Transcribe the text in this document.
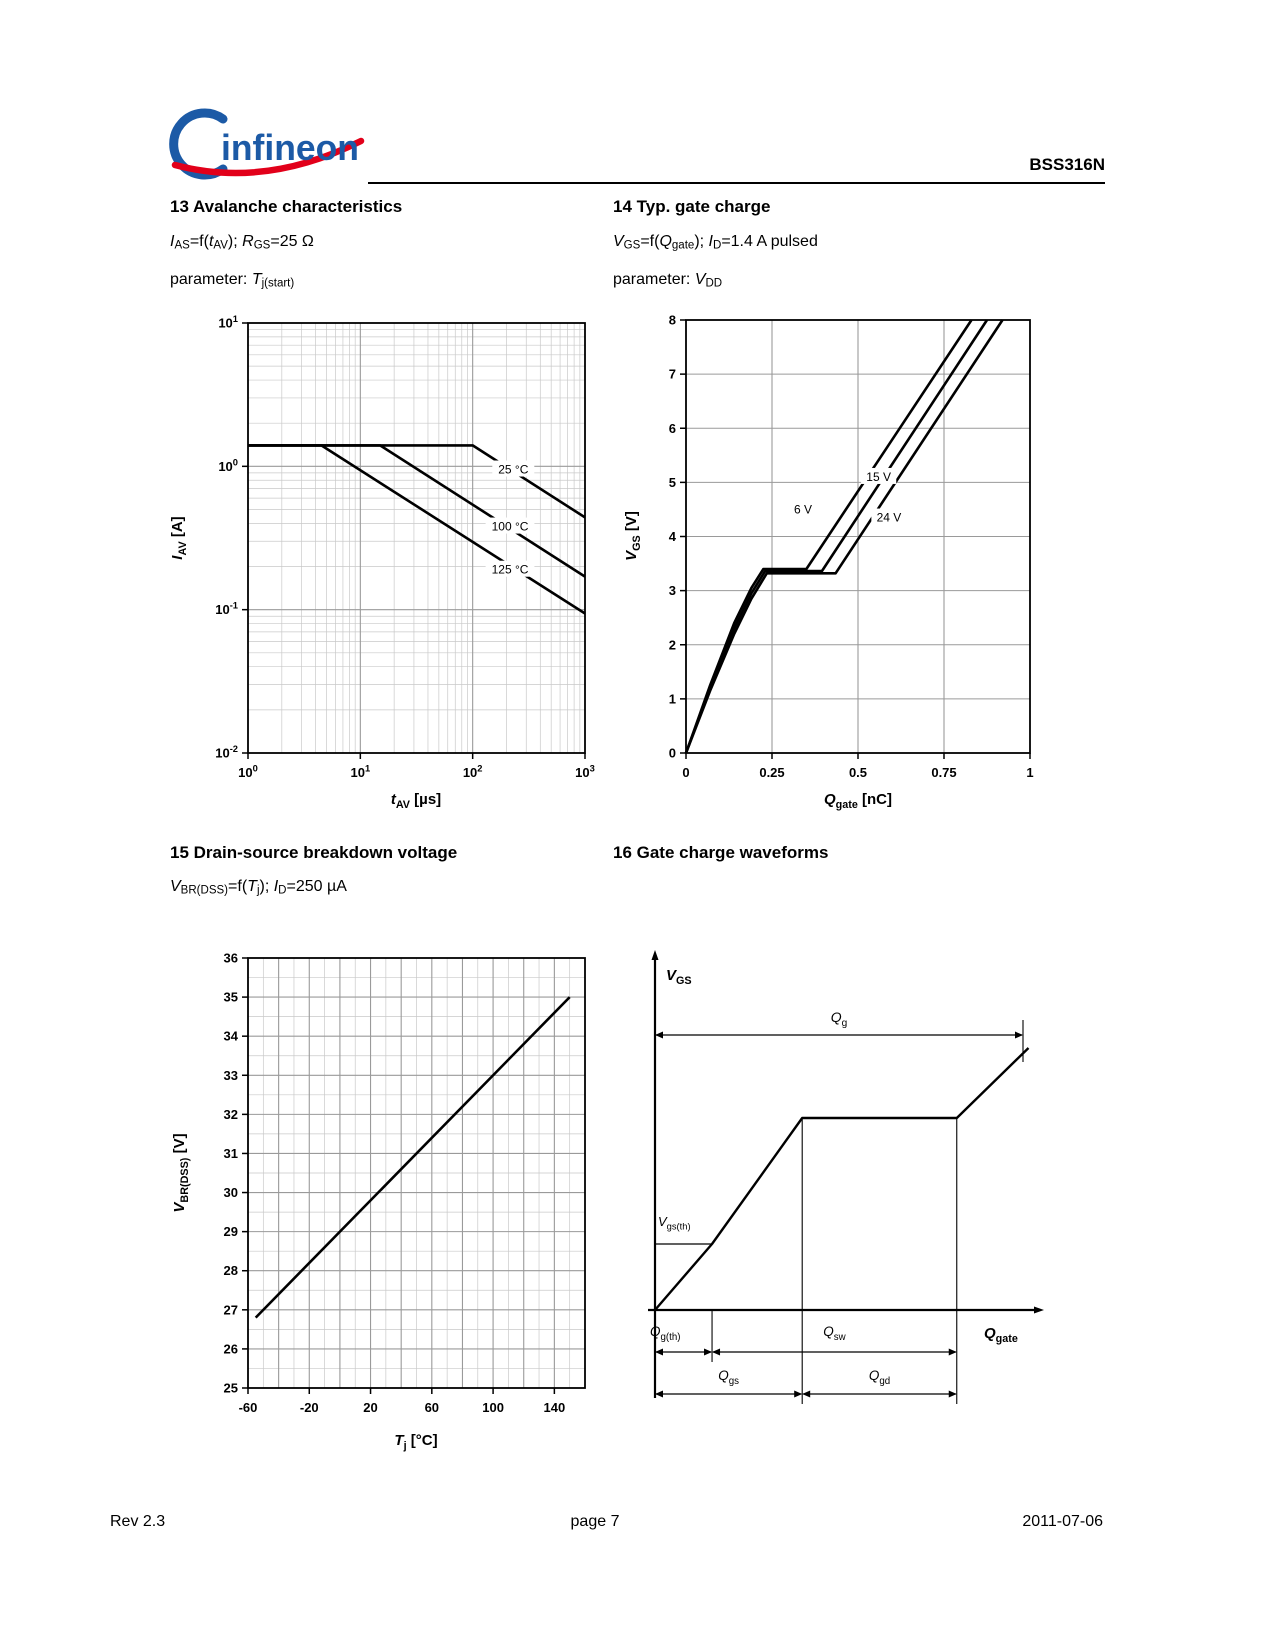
infineon	BSS316N
13 Avalanche characteristics	14 Typ. gate charge
IAS=f(tAV); RGS=25 Ω	VGS=f(Qgate); ID=1.4 A pulsed
parameter: Tj(start)	parameter: VDD
25 °C
100 °C
125 °C
$10^0$	$10^1$	$10^2$	$10^3$
$10^{-2}$
$10^{-1}$
$10^0$
$10^1$
$t_{AV}$ [µs]
$I_{AV}$ [A]
6 V
15 V
24 V
0	0.25	0.5	0.75	1
0
1
2
3
4
5
6
7
8
$Q_{gate}$ [nC]
$V_{GS}$ [V]
15 Drain-source breakdown voltage	16 Gate charge waveforms
VBR(DSS)=f(Tj); ID=250 µA
-60	-20	20	60	100	140
25
26
27
28
29
30
31
32
33
34
35
36
$T_j$ [°C]
$V_{BR(DSS)}$ [V]
$Q_g$
$Q_{g(th)}$	$Q_{sw}$
$Q_{gs}$	$Q_{gd}$
$V_{GS}$
$Q_{gate}$
$V_{gs(th)}$
Rev 2.3	page 7	2011-07-06
